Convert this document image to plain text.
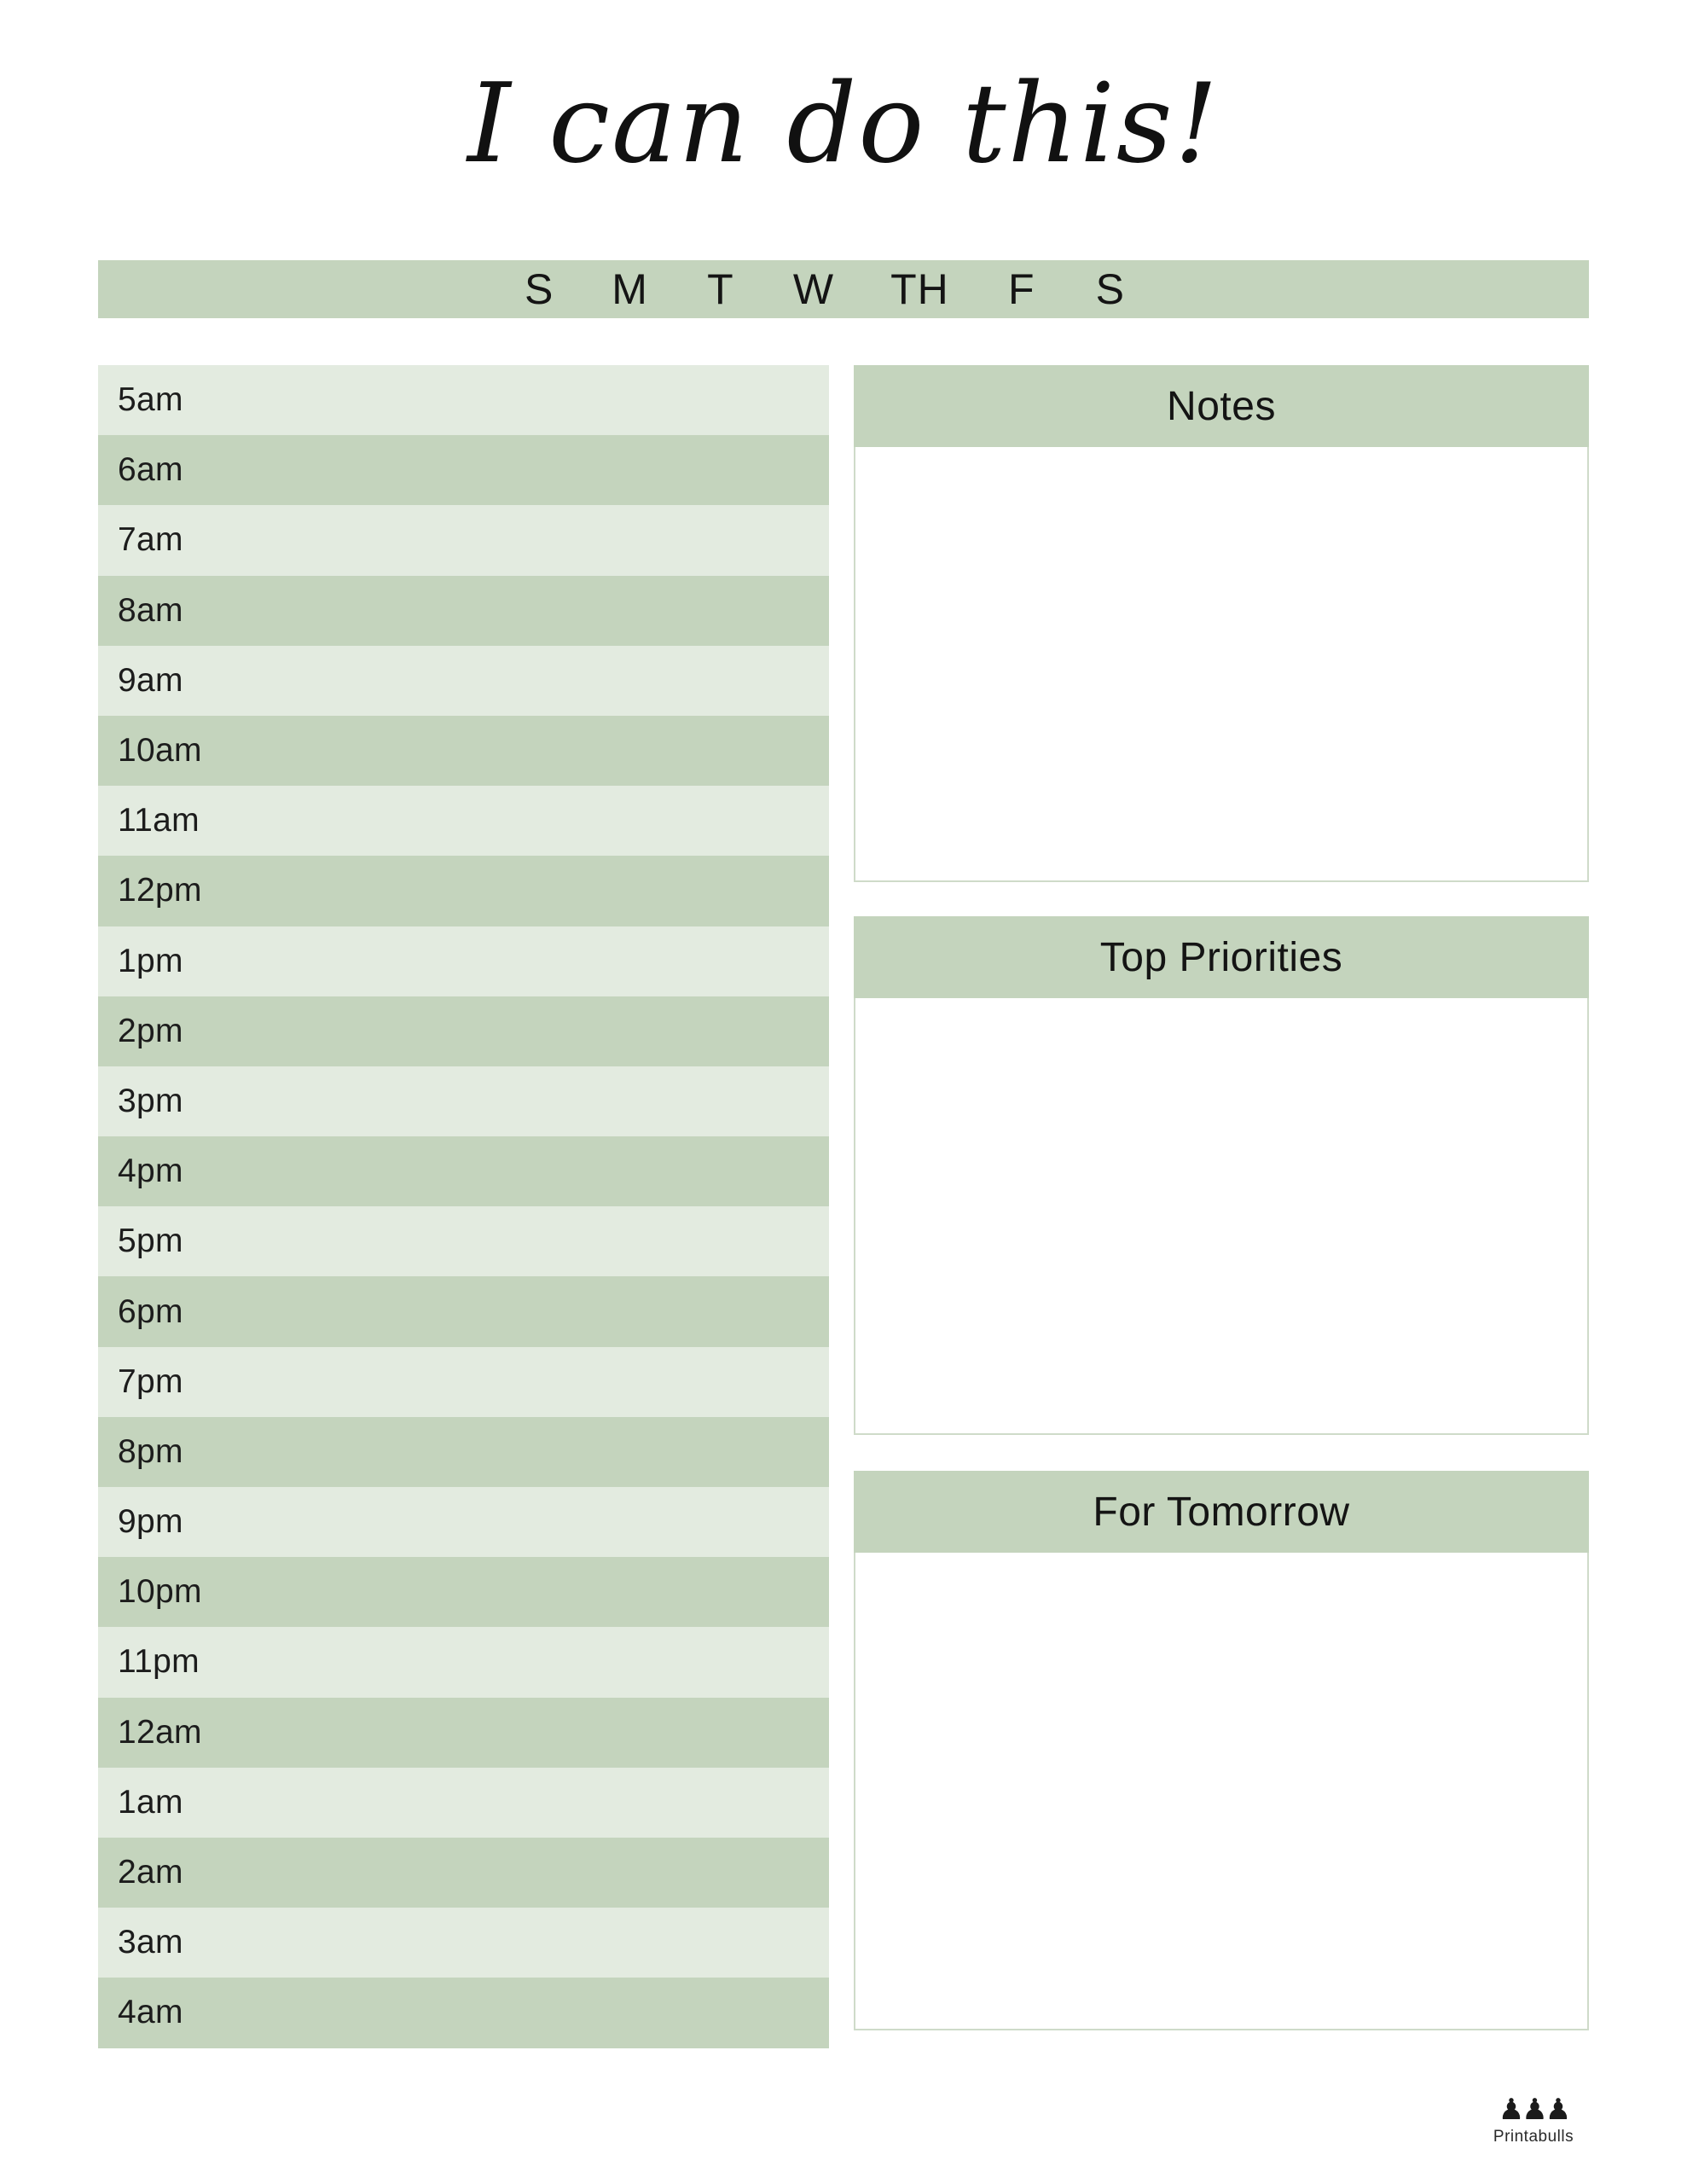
I can do this!
S M T W TH F S
5am
6am
7am
8am
9am
10am
11am
12pm
1pm
2pm
3pm
4pm
5pm
6pm
7pm
8pm
9pm
10pm
11pm
12am
1am
2am
3am
4am
Notes
Top Priorities
For Tomorrow
♟♟♟
Printabulls
